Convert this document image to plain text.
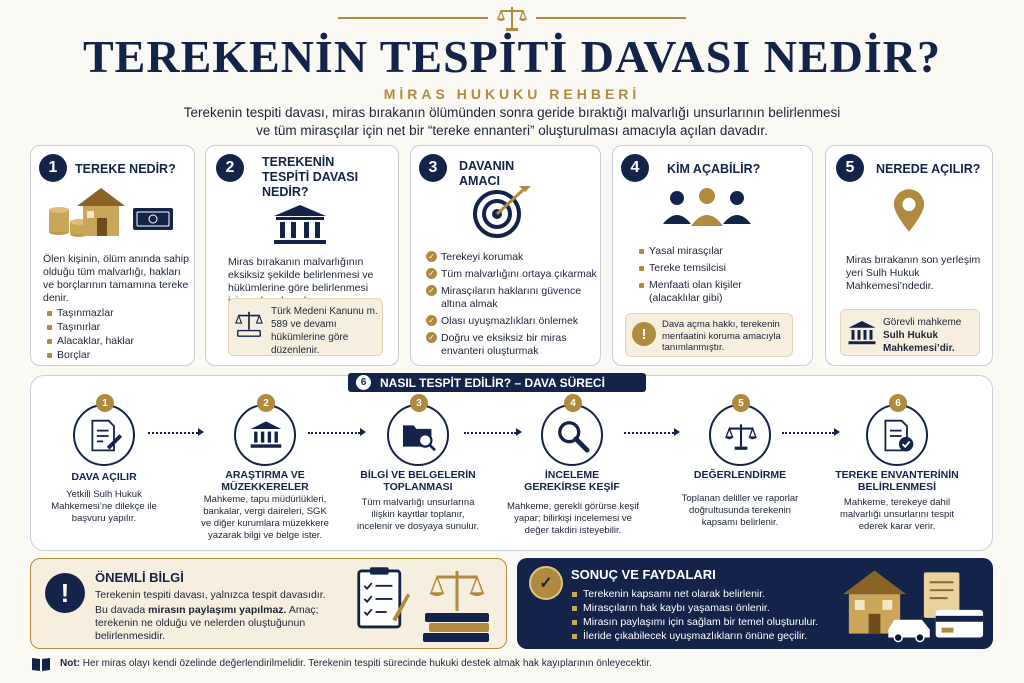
TEREKENİN TESPİTİ DAVASI NEDİR?
MİRAS HUKUKU REHBERİ
Terekenin tespiti davası, miras bırakanın ölümünden sonra geride bıraktığı malvarlığı unsurlarının belirlenmesi ve tüm mirasçılar için net bir “tereke ennanteri” oluşturulması amacıyla açılan davadır.
1	TEREKE NEDİR?
Ölen kişinin, ölüm anında sahip olduğu tüm malvarlığı, hakları ve borçlarının tamamına tereke denir.
Taşınmazlar
Taşınırlar
Alacaklar, haklar
Borçlar
2	TEREKENİN
TESPİTİ DAVASI
NEDİR?
Miras bırakanın malvarlığının eksiksiz şekilde belirlenmesi ve hükümlerine göre belirlenmesi
Türk Medeni Kanunu m. 589 ve devamı hükümlerine göre düzenlenir.
3	DAVANIN
AMACI
✓ Terekeyi korumak
✓ Tüm malvarlığını ortaya çıkarmak
✓ Mirasçıların haklarını güvence altına almak
✓ Olası uyuşmazlıkları önlemek
✓ Doğru ve eksiksiz bir miras envanteri oluşturmak
4	KİM AÇABİLİR?
Yasal mirasçılar
Tereke temsilcisi
Menfaati olan kişiler (alacaklılar gibi)
!
Dava açma hakkı, terekenin menfaatini koruma amacıyla tanımlanmıştır.
5	NEREDE AÇILIR?
Miras bırakanın son yerleşim yeri Sulh Hukuk Mahkemesi’ndedir.
Görevli mahkeme
Sulh Hukuk Mahkemesi’dir.
6	NASIL TESPİT EDİLİR? – DAVA SÜRECİ
1
DAVA AÇILIR
Yetkili Sulh Hukuk Mahkemesi’ne dilekçe ile başvuru yapılır.
2
ARAŞTIRMA VE MÜZEKKERELER
Mahkeme, tapu müdürlükleri, bankalar, vergi daireleri, SGK ve diğer kurumlara müzekkere yazarak bilgi ve belge ister.
3
BİLGİ VE BELGELERİN TOPLANMASI
Tüm malvarlığı unsurlarına ilişkin kayıtlar toplanır, incelenir ve dosyaya sunulur.
4
İNCELEME GEREKİRSE KEŞİF
Mahkeme, gerekli görürse keşif yapar; bilirkişi incelemesi ve değer takdiri isteyebilir.
5
DEĞERLENDİRME
Toplanan deliller ve raporlar doğrultusunda terekenin kapsamı belirlenir.
6
TEREKE ENVANTERİNİN BELİRLENMESİ
Mahkeme, terekeye dahil malvarlığı unsurlarını tespit ederek karar verir.
!	ÖNEMLİ BİLGİ
Terekenin tespiti davası, yalnızca tespit davasıdır.
Bu davada mirasın paylaşımı yapılmaz. Amaç; terekenin ne olduğu ve nelerden oluştuğunun belirlenmesidir.
✓
SONUÇ VE FAYDALARI
Terekenin kapsamı net olarak belirlenir.
Mirasçıların hak kaybı yaşaması önlenir.
Mirasın paylaşımı için sağlam bir temel oluşturulur.
İleride çıkabilecek uyuşmazlıkların önüne geçilir.
Not: Her miras olayı kendi özelinde değerlendirilmelidir. Terekenin tespiti sürecinde hukuki destek almak hak kayıplarının önleyecektir.
